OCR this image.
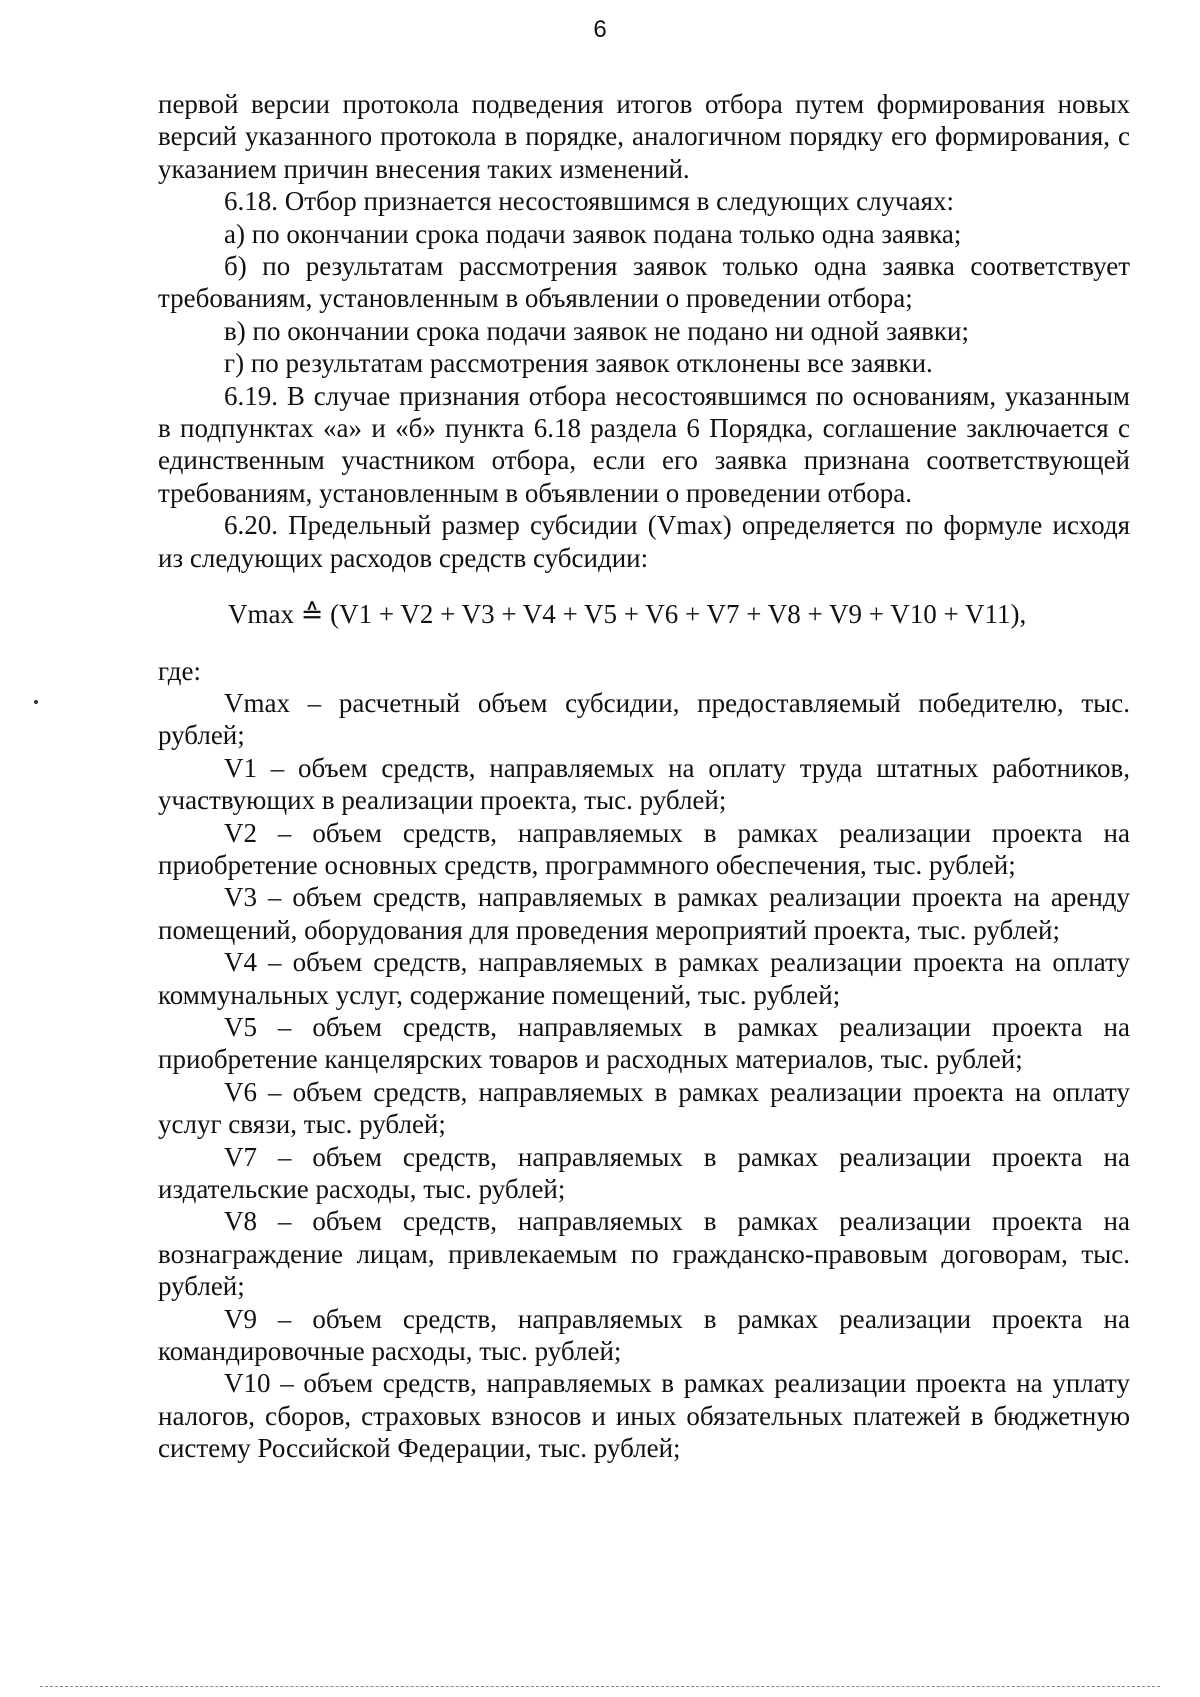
6

первой версии протокола подведения итогов отбора путем формирования новых версий указанного протокола в порядке, аналогичном порядку его формирования, с указанием причин внесения таких изменений.

6.18. Отбор признается несостоявшимся в следующих случаях:

а) по окончании срока подачи заявок подана только одна заявка;

б) по результатам рассмотрения заявок только одна заявка соответствует требованиям, установленным в объявлении о проведении отбора;

в) по окончании срока подачи заявок не подано ни одной заявки;

г) по результатам рассмотрения заявок отклонены все заявки.

6.19. В случае признания отбора несостоявшимся по основаниям, указанным в подпунктах «а» и «б» пункта 6.18 раздела 6 Порядка, соглашение заключается с единственным участником отбора, если его заявка признана соответствующей требованиям, установленным в объявлении о проведении отбора.

6.20. Предельный размер субсидии (Vmax) определяется по формуле исходя из следующих расходов средств субсидии:

Vmax ≙ (V1 + V2 + V3 + V4 + V5 + V6 + V7 + V8 + V9 + V10 + V11),

где:

Vmax – расчетный объем субсидии, предоставляемый победителю, тыс. рублей;

V1 – объем средств, направляемых на оплату труда штатных работников, участвующих в реализации проекта, тыс. рублей;

V2 – объем средств, направляемых в рамках реализации проекта на приобретение основных средств, программного обеспечения, тыс. рублей;

V3 – объем средств, направляемых в рамках реализации проекта на аренду помещений, оборудования для проведения мероприятий проекта, тыс. рублей;

V4 – объем средств, направляемых в рамках реализации проекта на оплату коммунальных услуг, содержание помещений, тыс. рублей;

V5 – объем средств, направляемых в рамках реализации проекта на приобретение канцелярских товаров и расходных материалов, тыс. рублей;

V6 – объем средств, направляемых в рамках реализации проекта на оплату услуг связи, тыс. рублей;

V7 – объем средств, направляемых в рамках реализации проекта на издательские расходы, тыс. рублей;

V8 – объем средств, направляемых в рамках реализации проекта на вознаграждение лицам, привлекаемым по гражданско-правовым договорам, тыс. рублей;

V9 – объем средств, направляемых в рамках реализации проекта на командировочные расходы, тыс. рублей;

V10 – объем средств, направляемых в рамках реализации проекта на уплату налогов, сборов, страховых взносов и иных обязательных платежей в бюджетную систему Российской Федерации, тыс. рублей;
